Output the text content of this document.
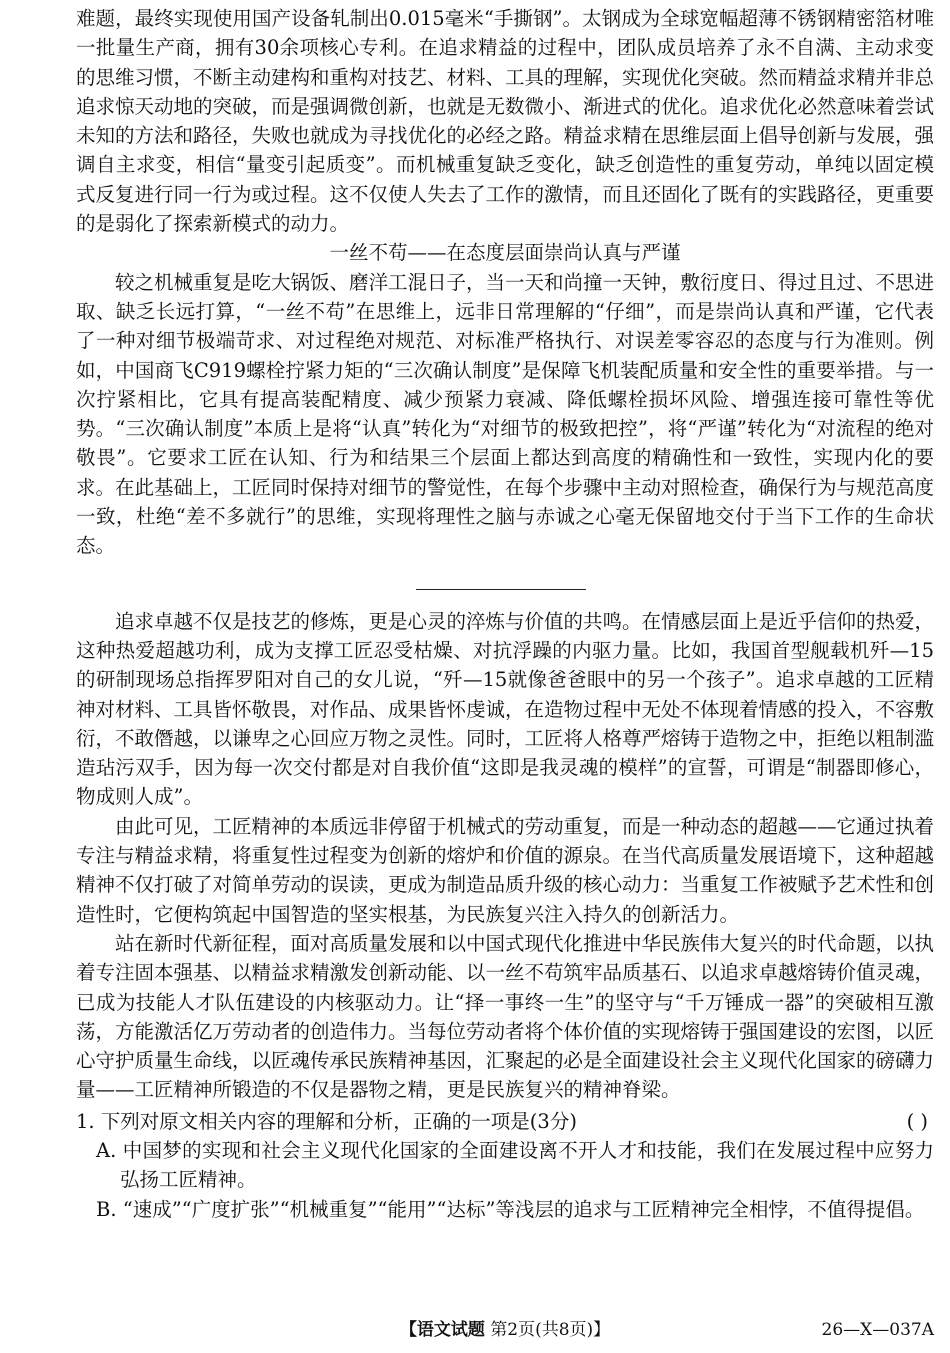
难题，最终实现使用国产设备轧制出0.015毫米“手撕钢”。太钢成为全球宽幅超薄不锈钢精密箔材唯一批量生产商，拥有30余项核心专利。在追求精益的过程中，团队成员培养了永不自满、主动求变的思维习惯，不断主动建构和重构对技艺、材料、工具的理解，实现优化突破。然而精益求精并非总追求惊天动地的突破，而是强调微创新，也就是无数微小、渐进式的优化。追求优化必然意味着尝试未知的方法和路径，失败也就成为寻找优化的必经之路。精益求精在思维层面上倡导创新与发展，强调自主求变，相信“量变引起质变”。而机械重复缺乏变化，缺乏创造性的重复劳动，单纯以固定模式反复进行同一行为或过程。这不仅使人失去了工作的激情，而且还固化了既有的实践路径，更重要的是弱化了探索新模式的动力。

一丝不苟——在态度层面崇尚认真与严谨

较之机械重复是吃大锅饭、磨洋工混日子，当一天和尚撞一天钟，敷衍度日、得过且过、不思进取、缺乏长远打算，“一丝不苟”在思维上，远非日常理解的“仔细”，而是崇尚认真和严谨，它代表了一种对细节极端苛求、对过程绝对规范、对标准严格执行、对误差零容忍的态度与行为准则。例如，中国商飞C919螺栓拧紧力矩的“三次确认制度”是保障飞机装配质量和安全性的重要举措。与一次拧紧相比，它具有提高装配精度、减少预紧力衰减、降低螺栓损坏风险、增强连接可靠性等优势。“三次确认制度”本质上是将“认真”转化为“对细节的极致把控”，将“严谨”转化为“对流程的绝对敬畏”。它要求工匠在认知、行为和结果三个层面上都达到高度的精确性和一致性，实现内化的要求。在此基础上，工匠同时保持对细节的警觉性，在每个步骤中主动对照检查，确保行为与规范高度一致，杜绝“差不多就行”的思维，实现将理性之脑与赤诚之心毫无保留地交付于当下工作的生命状态。

追求卓越不仅是技艺的修炼，更是心灵的淬炼与价值的共鸣。在情感层面上是近乎信仰的热爱，这种热爱超越功利，成为支撑工匠忍受枯燥、对抗浮躁的内驱力量。比如，我国首型舰载机歼—15的研制现场总指挥罗阳对自己的女儿说，“歼—15就像爸爸眼中的另一个孩子”。追求卓越的工匠精神对材料、工具皆怀敬畏，对作品、成果皆怀虔诚，在造物过程中无处不体现着情感的投入，不容敷衍，不敢僭越，以谦卑之心回应万物之灵性。同时，工匠将人格尊严熔铸于造物之中，拒绝以粗制滥造玷污双手，因为每一次交付都是对自我价值“这即是我灵魂的模样”的宣誓，可谓是“制器即修心，物成则人成”。

由此可见，工匠精神的本质远非停留于机械式的劳动重复，而是一种动态的超越——它通过执着专注与精益求精，将重复性过程变为创新的熔炉和价值的源泉。在当代高质量发展语境下，这种超越精神不仅打破了对简单劳动的误读，更成为制造品质升级的核心动力：当重复工作被赋予艺术性和创造性时，它便构筑起中国智造的坚实根基，为民族复兴注入持久的创新活力。

站在新时代新征程，面对高质量发展和以中国式现代化推进中华民族伟大复兴的时代命题，以执着专注固本强基、以精益求精激发创新动能、以一丝不苟筑牢品质基石、以追求卓越熔铸价值灵魂，已成为技能人才队伍建设的内核驱动力。让“择一事终一生”的坚守与“千万锤成一器”的突破相互激荡，方能激活亿万劳动者的创造伟力。当每位劳动者将个体价值的实现熔铸于强国建设的宏图，以匠心守护质量生命线，以匠魂传承民族精神基因，汇聚起的必是全面建设社会主义现代化国家的磅礴力量——工匠精神所锻造的不仅是器物之精，更是民族复兴的精神脊梁。

1. 下列对原文相关内容的理解和分析，正确的一项是(3分)	( )

A. 中国梦的实现和社会主义现代化国家的全面建设离不开人才和技能，我们在发展过程中应努力弘扬工匠精神。

B. “速成”“广度扩张”“机械重复”“能用”“达标”等浅层的追求与工匠精神完全相悖，不值得提倡。

【语文试题 第2页(共8页)】	26—X—037A
